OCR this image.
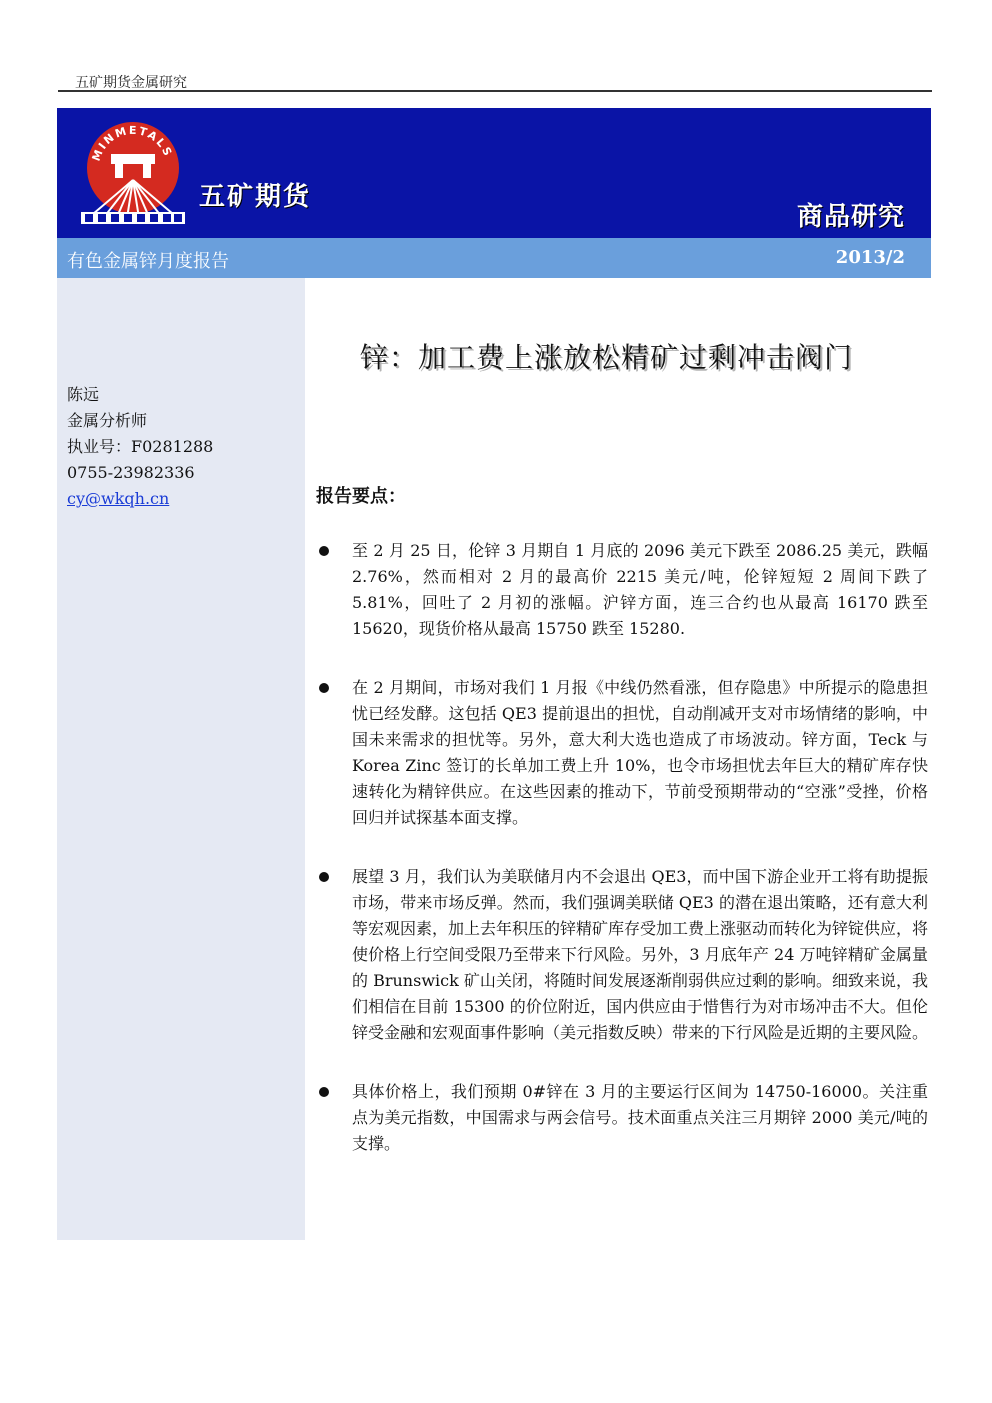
五矿期货金属研究
MINMETALS
五矿期货
商品研究
有色金属锌月度报告	2013/2
陈远
金属分析师
执业号：F0281288
0755-23982336
cy@wkqh.cn
锌：加工费上涨放松精矿过剩冲击阀门
报告要点：
至 2 月 25 日，伦锌 3 月期自 1 月底的 2096 美元下跌至 2086.25 美元，跌幅 2.76%，然而相对 2 月的最高价 2215 美元/吨，伦锌短短 2 周间下跌了 5.81%，回吐了 2 月初的涨幅。沪锌方面，连三合约也从最高 16170 跌至 15620，现货价格从最高 15750 跌至 15280.
在 2 月期间，市场对我们 1 月报《中线仍然看涨，但存隐患》中所提示的隐患担忧已经发酵。这包括 QE3 提前退出的担忧，自动削减开支对市场情绪的影响，中国未来需求的担忧等。另外，意大利大选也造成了市场波动。锌方面，Teck 与 Korea Zinc 签订的长单加工费上升 10%，也令市场担忧去年巨大的精矿库存快速转化为精锌供应。在这些因素的推动下，节前受预期带动的“空涨”受挫，价格回归并试探基本面支撑。
展望 3 月，我们认为美联储月内不会退出 QE3，而中国下游企业开工将有助提振市场，带来市场反弹。然而，我们强调美联储 QE3 的潜在退出策略，还有意大利等宏观因素，加上去年积压的锌精矿库存受加工费上涨驱动而转化为锌锭供应，将使价格上行空间受限乃至带来下行风险。另外，3 月底年产 24 万吨锌精矿金属量的 Brunswick 矿山关闭，将随时间发展逐渐削弱供应过剩的影响。细致来说，我们相信在目前 15300 的价位附近，国内供应由于惜售行为对市场冲击不大。但伦锌受金融和宏观面事件影响（美元指数反映）带来的下行风险是近期的主要风险。
具体价格上，我们预期 0#锌在 3 月的主要运行区间为 14750-16000。关注重点为美元指数，中国需求与两会信号。技术面重点关注三月期锌 2000 美元/吨的支撑。
